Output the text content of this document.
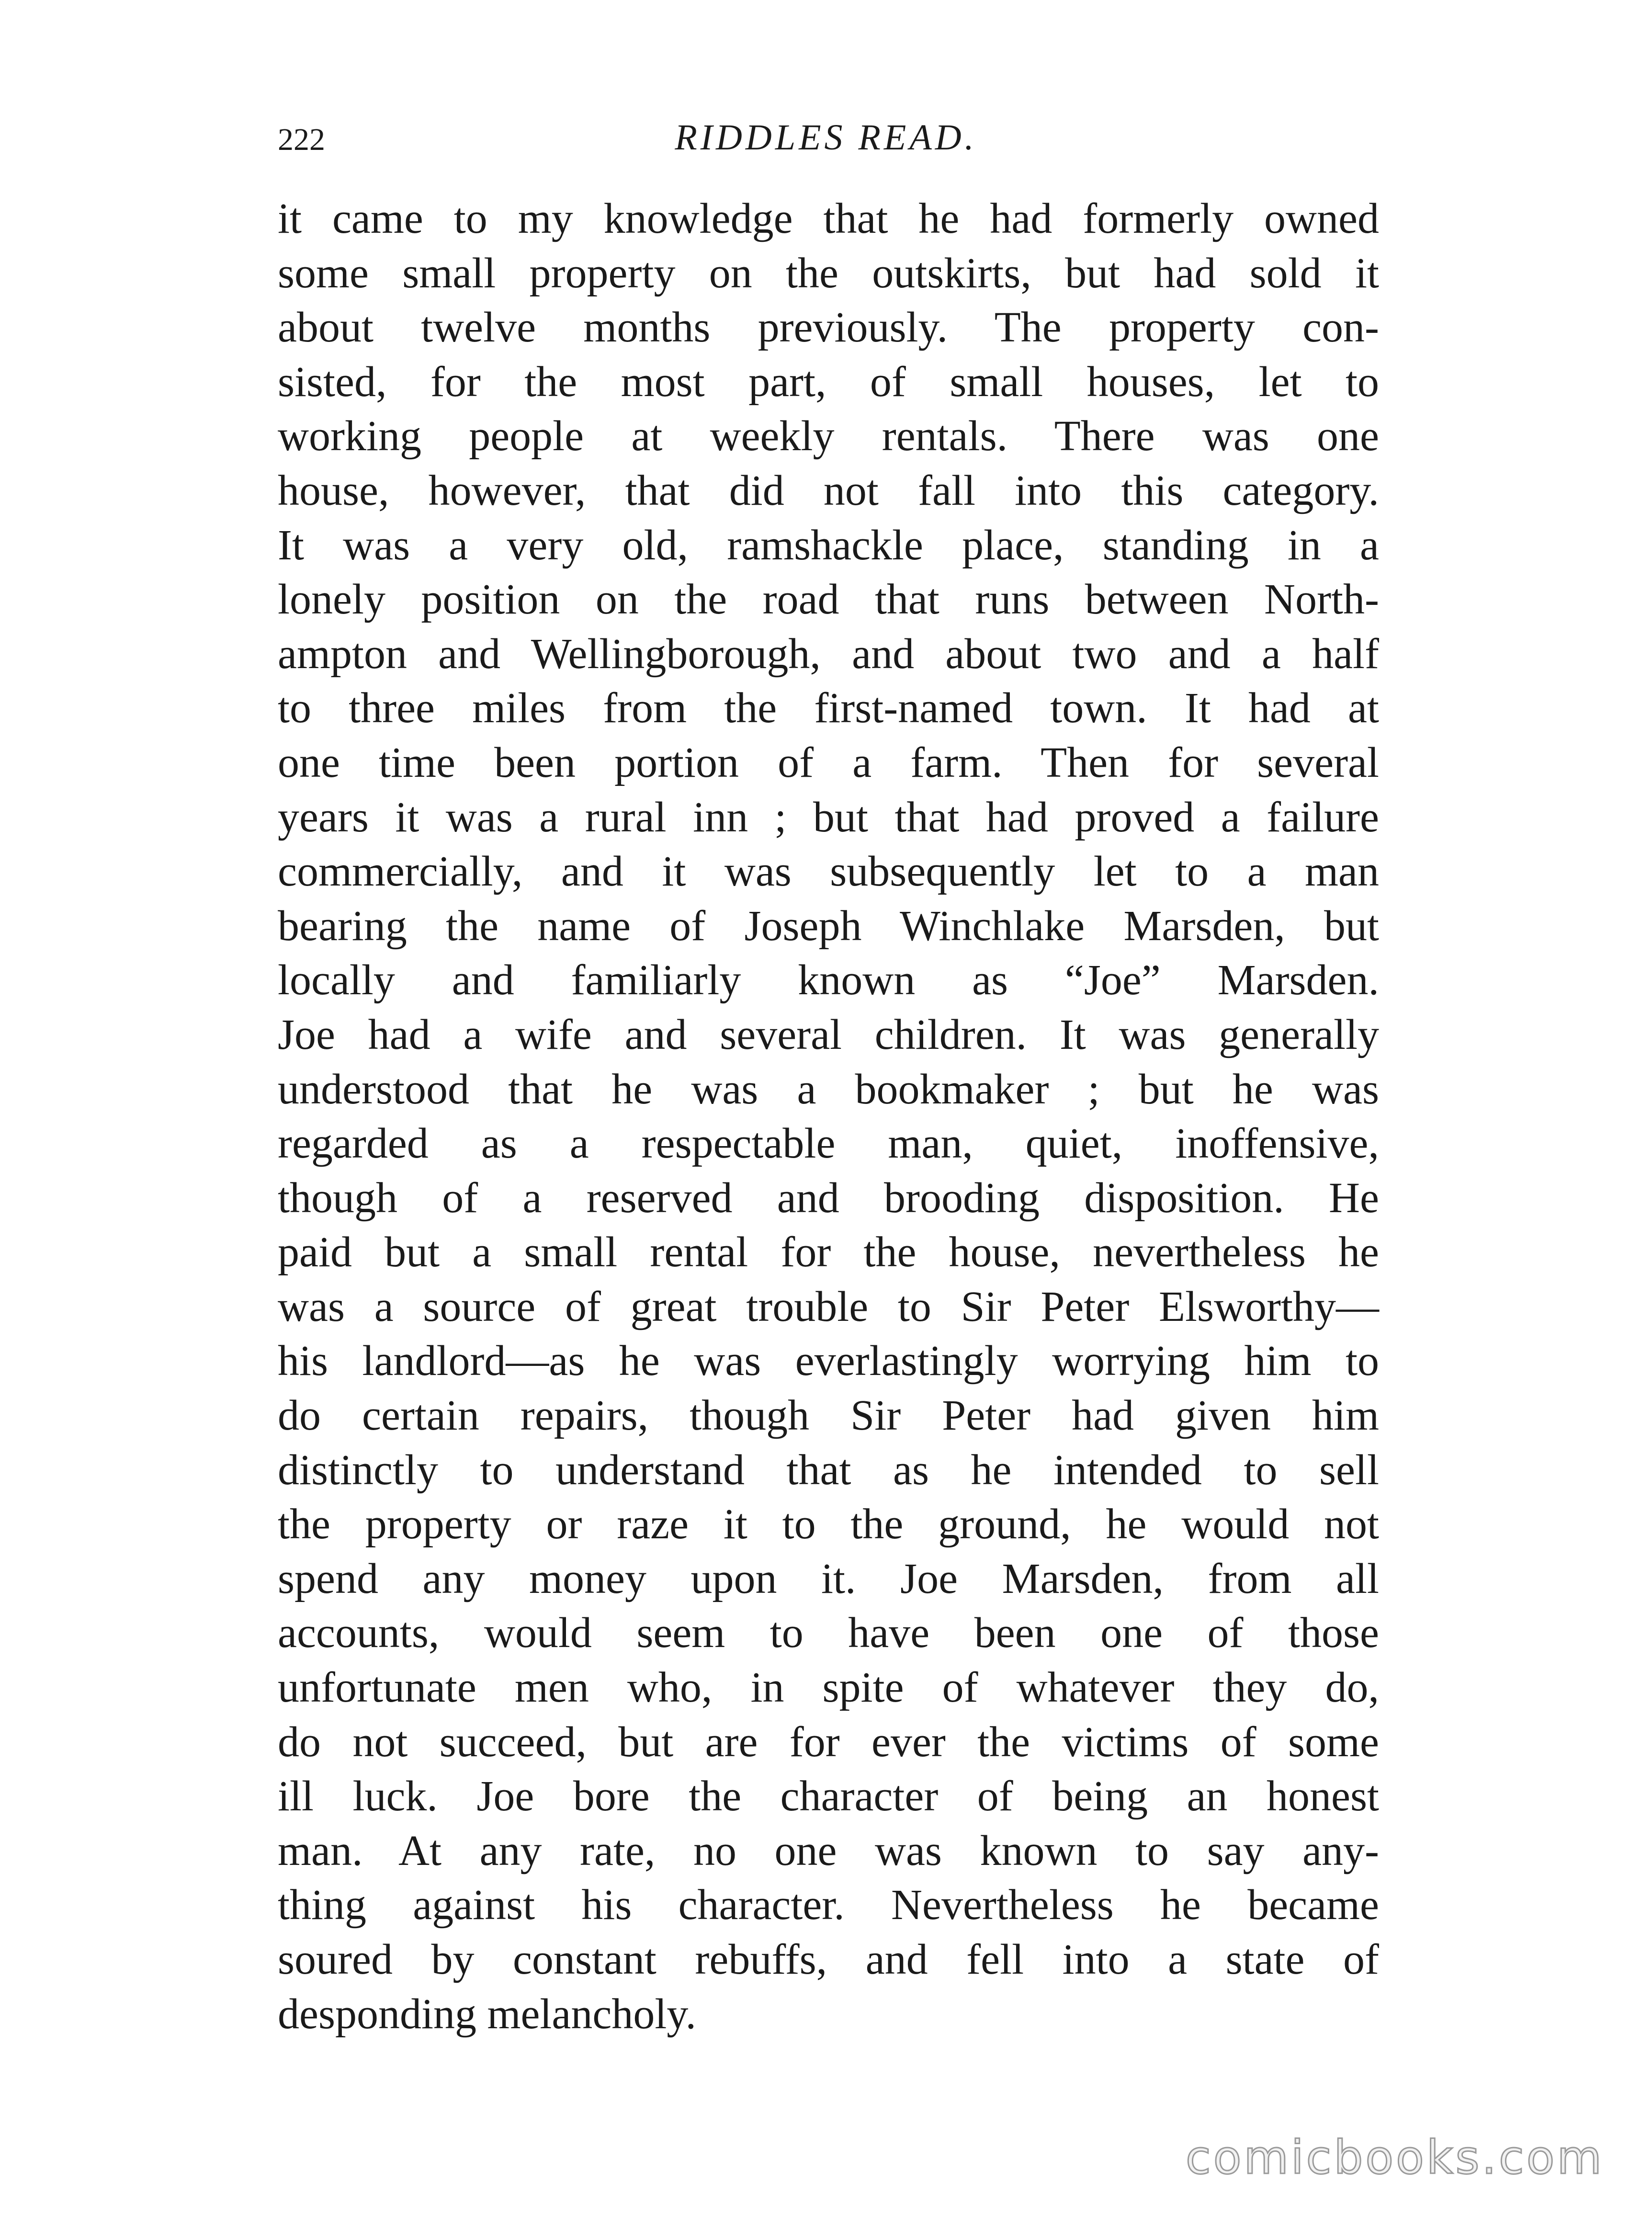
222	RIDDLES READ.
it came to my knowledge that he had formerly owned
some small property on the outskirts, but had sold it
about twelve months previously. The property con-
sisted, for the most part, of small houses, let to
working people at weekly rentals. There was one
house, however, that did not fall into this category.
It was a very old, ramshackle place, standing in a
lonely position on the road that runs between North-
ampton and Wellingborough, and about two and a half
to three miles from the first-named town. It had at
one time been portion of a farm. Then for several
years it was a rural inn ; but that had proved a failure
commercially, and it was subsequently let to a man
bearing the name of Joseph Winchlake Marsden, but
locally and familiarly known as “Joe” Marsden.
Joe had a wife and several children. It was generally
understood that he was a bookmaker ; but he was
regarded as a respectable man, quiet, inoffensive,
though of a reserved and brooding disposition. He
paid but a small rental for the house, nevertheless he
was a source of great trouble to Sir Peter Elsworthy—
his landlord—as he was everlastingly worrying him to
do certain repairs, though Sir Peter had given him
distinctly to understand that as he intended to sell
the property or raze it to the ground, he would not
spend any money upon it. Joe Marsden, from all
accounts, would seem to have been one of those
unfortunate men who, in spite of whatever they do,
do not succeed, but are for ever the victims of some
ill luck. Joe bore the character of being an honest
man. At any rate, no one was known to say any-
thing against his character. Nevertheless he became
soured by constant rebuffs, and fell into a state of
desponding melancholy.
comicbooks.com
